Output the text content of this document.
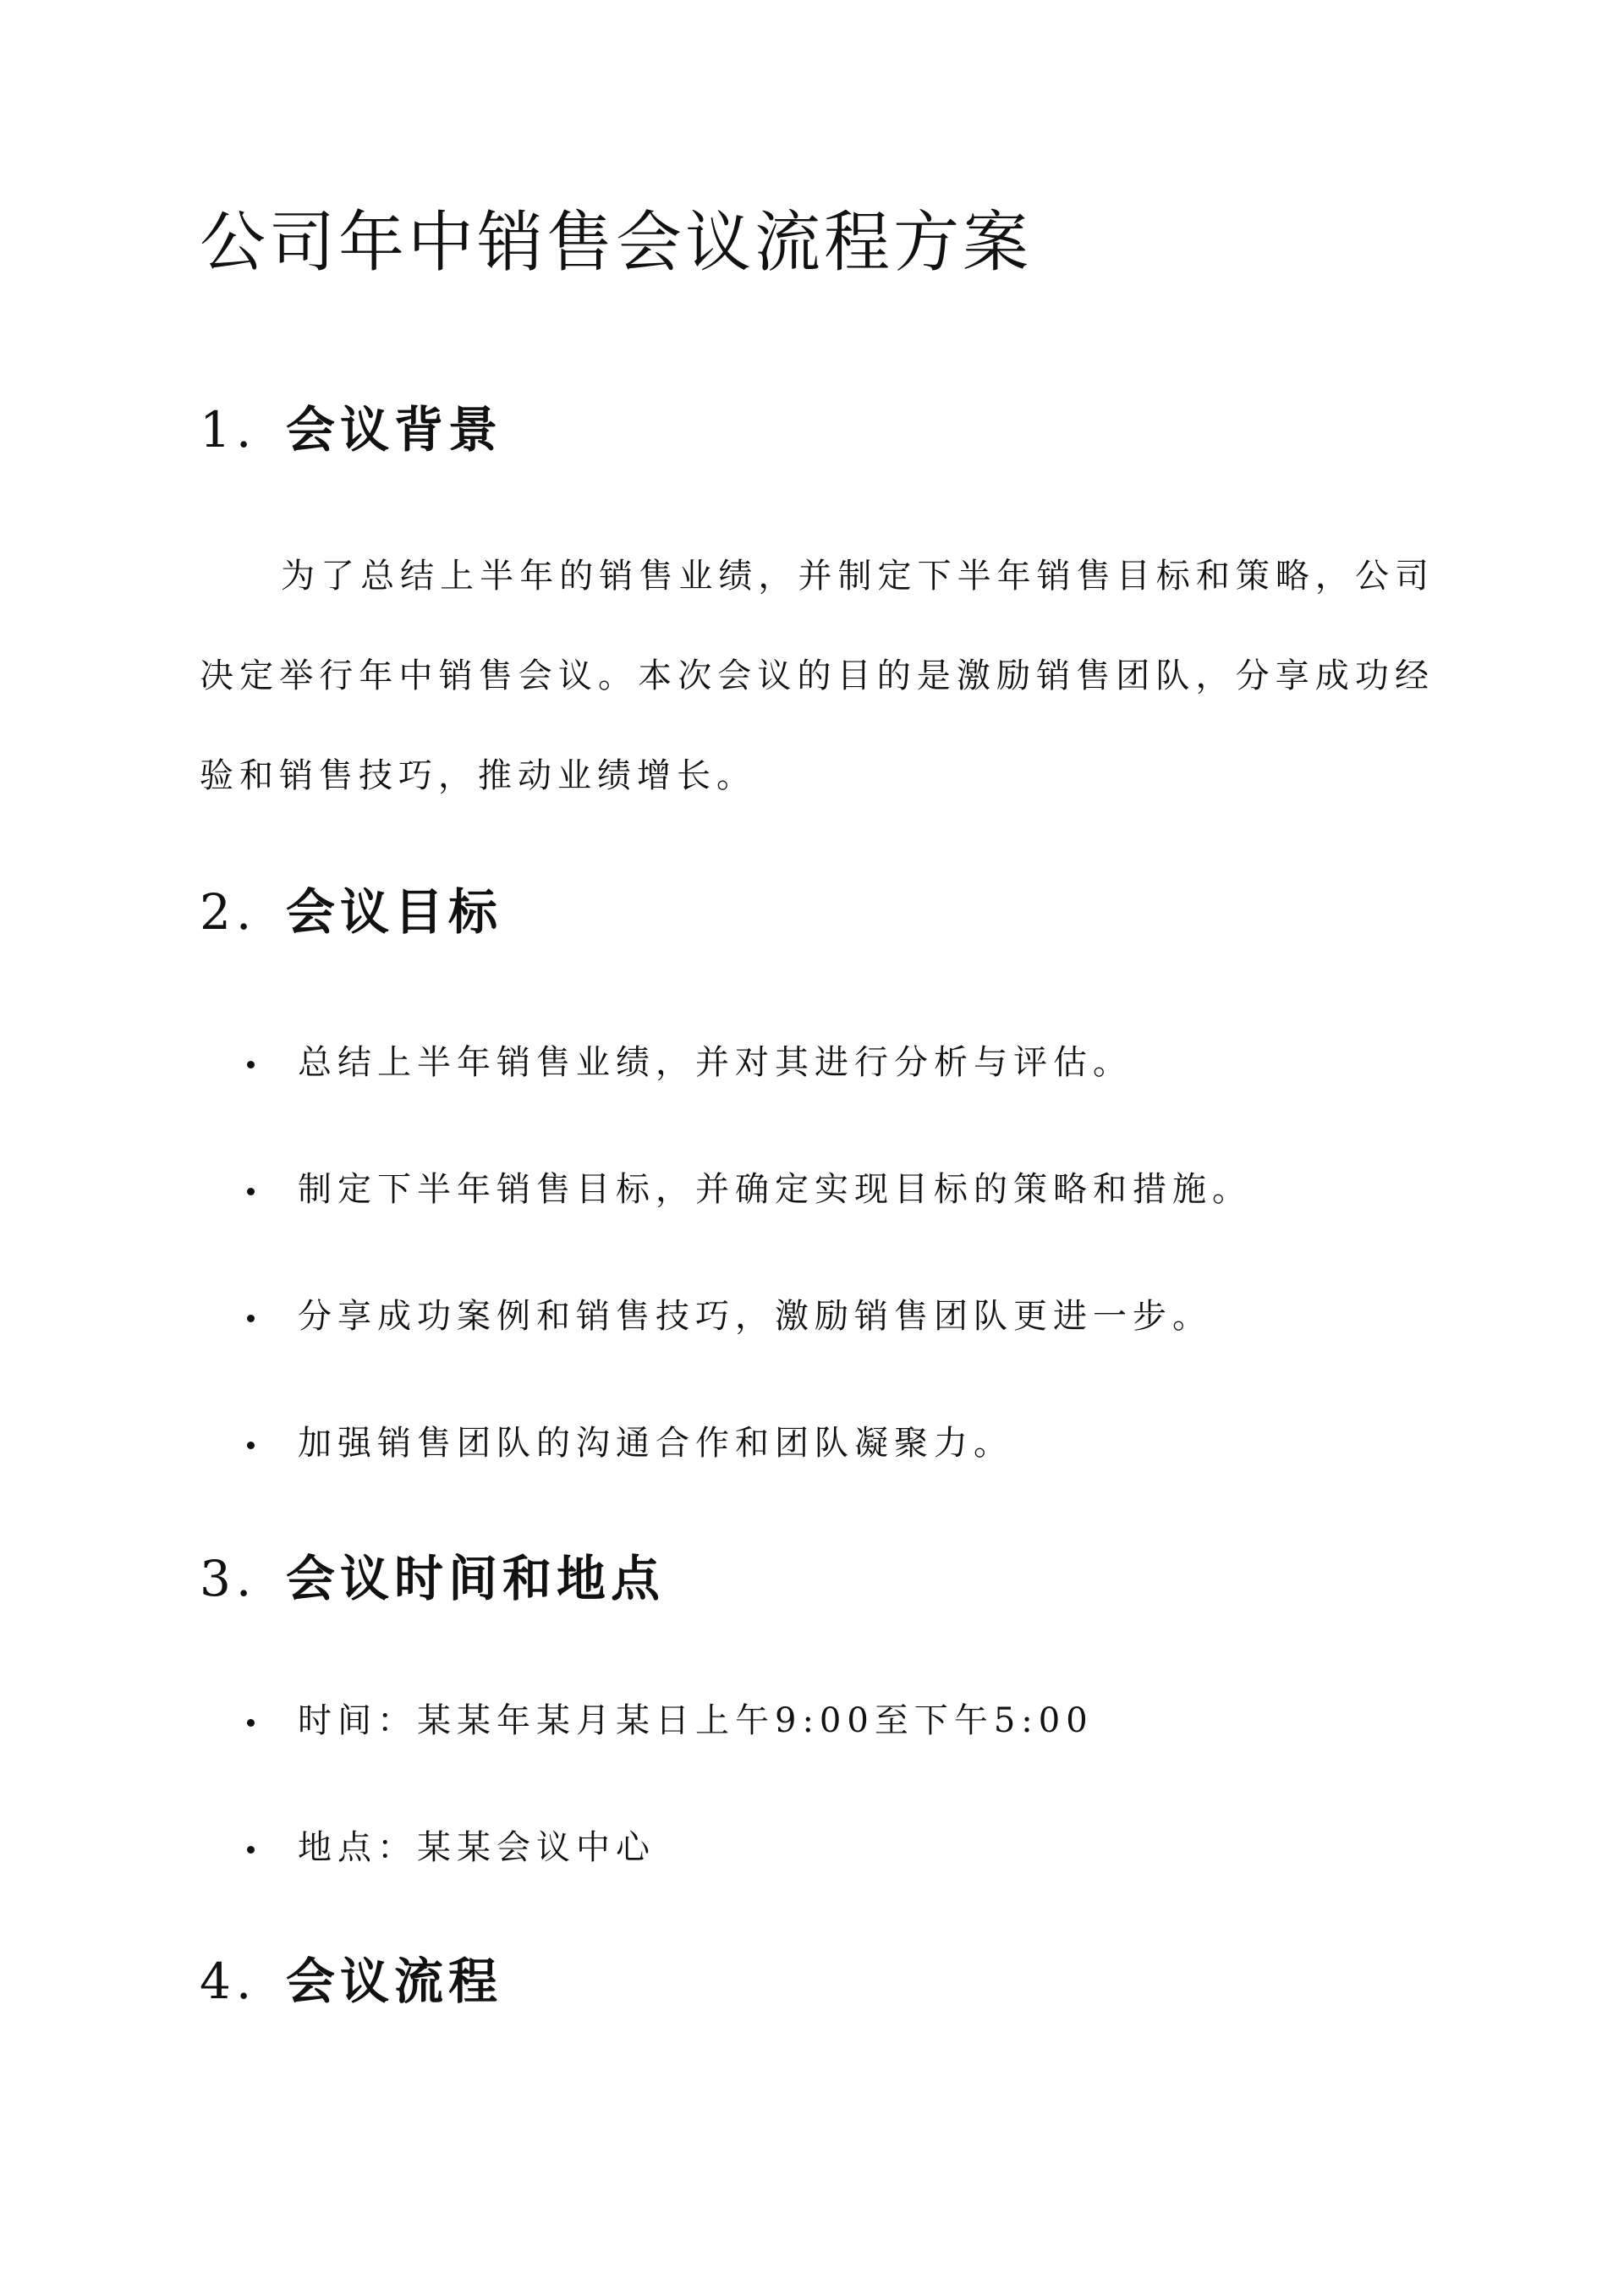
公司年中销售会议流程方案
1. 会议背景

为了总结上半年的销售业绩，并制定下半年销售目标和策略，公司决定举行年中销售会议。本次会议的目的是激励销售团队，分享成功经验和销售技巧，推动业绩增长。

2. 会议目标
总结上半年销售业绩，并对其进行分析与评估。
制定下半年销售目标，并确定实现目标的策略和措施。
分享成功案例和销售技巧，激励销售团队更进一步。
加强销售团队的沟通合作和团队凝聚力。
3. 会议时间和地点
时间：某某年某月某日上午9:00至下午5:00
地点：某某会议中心
4. 会议流程
